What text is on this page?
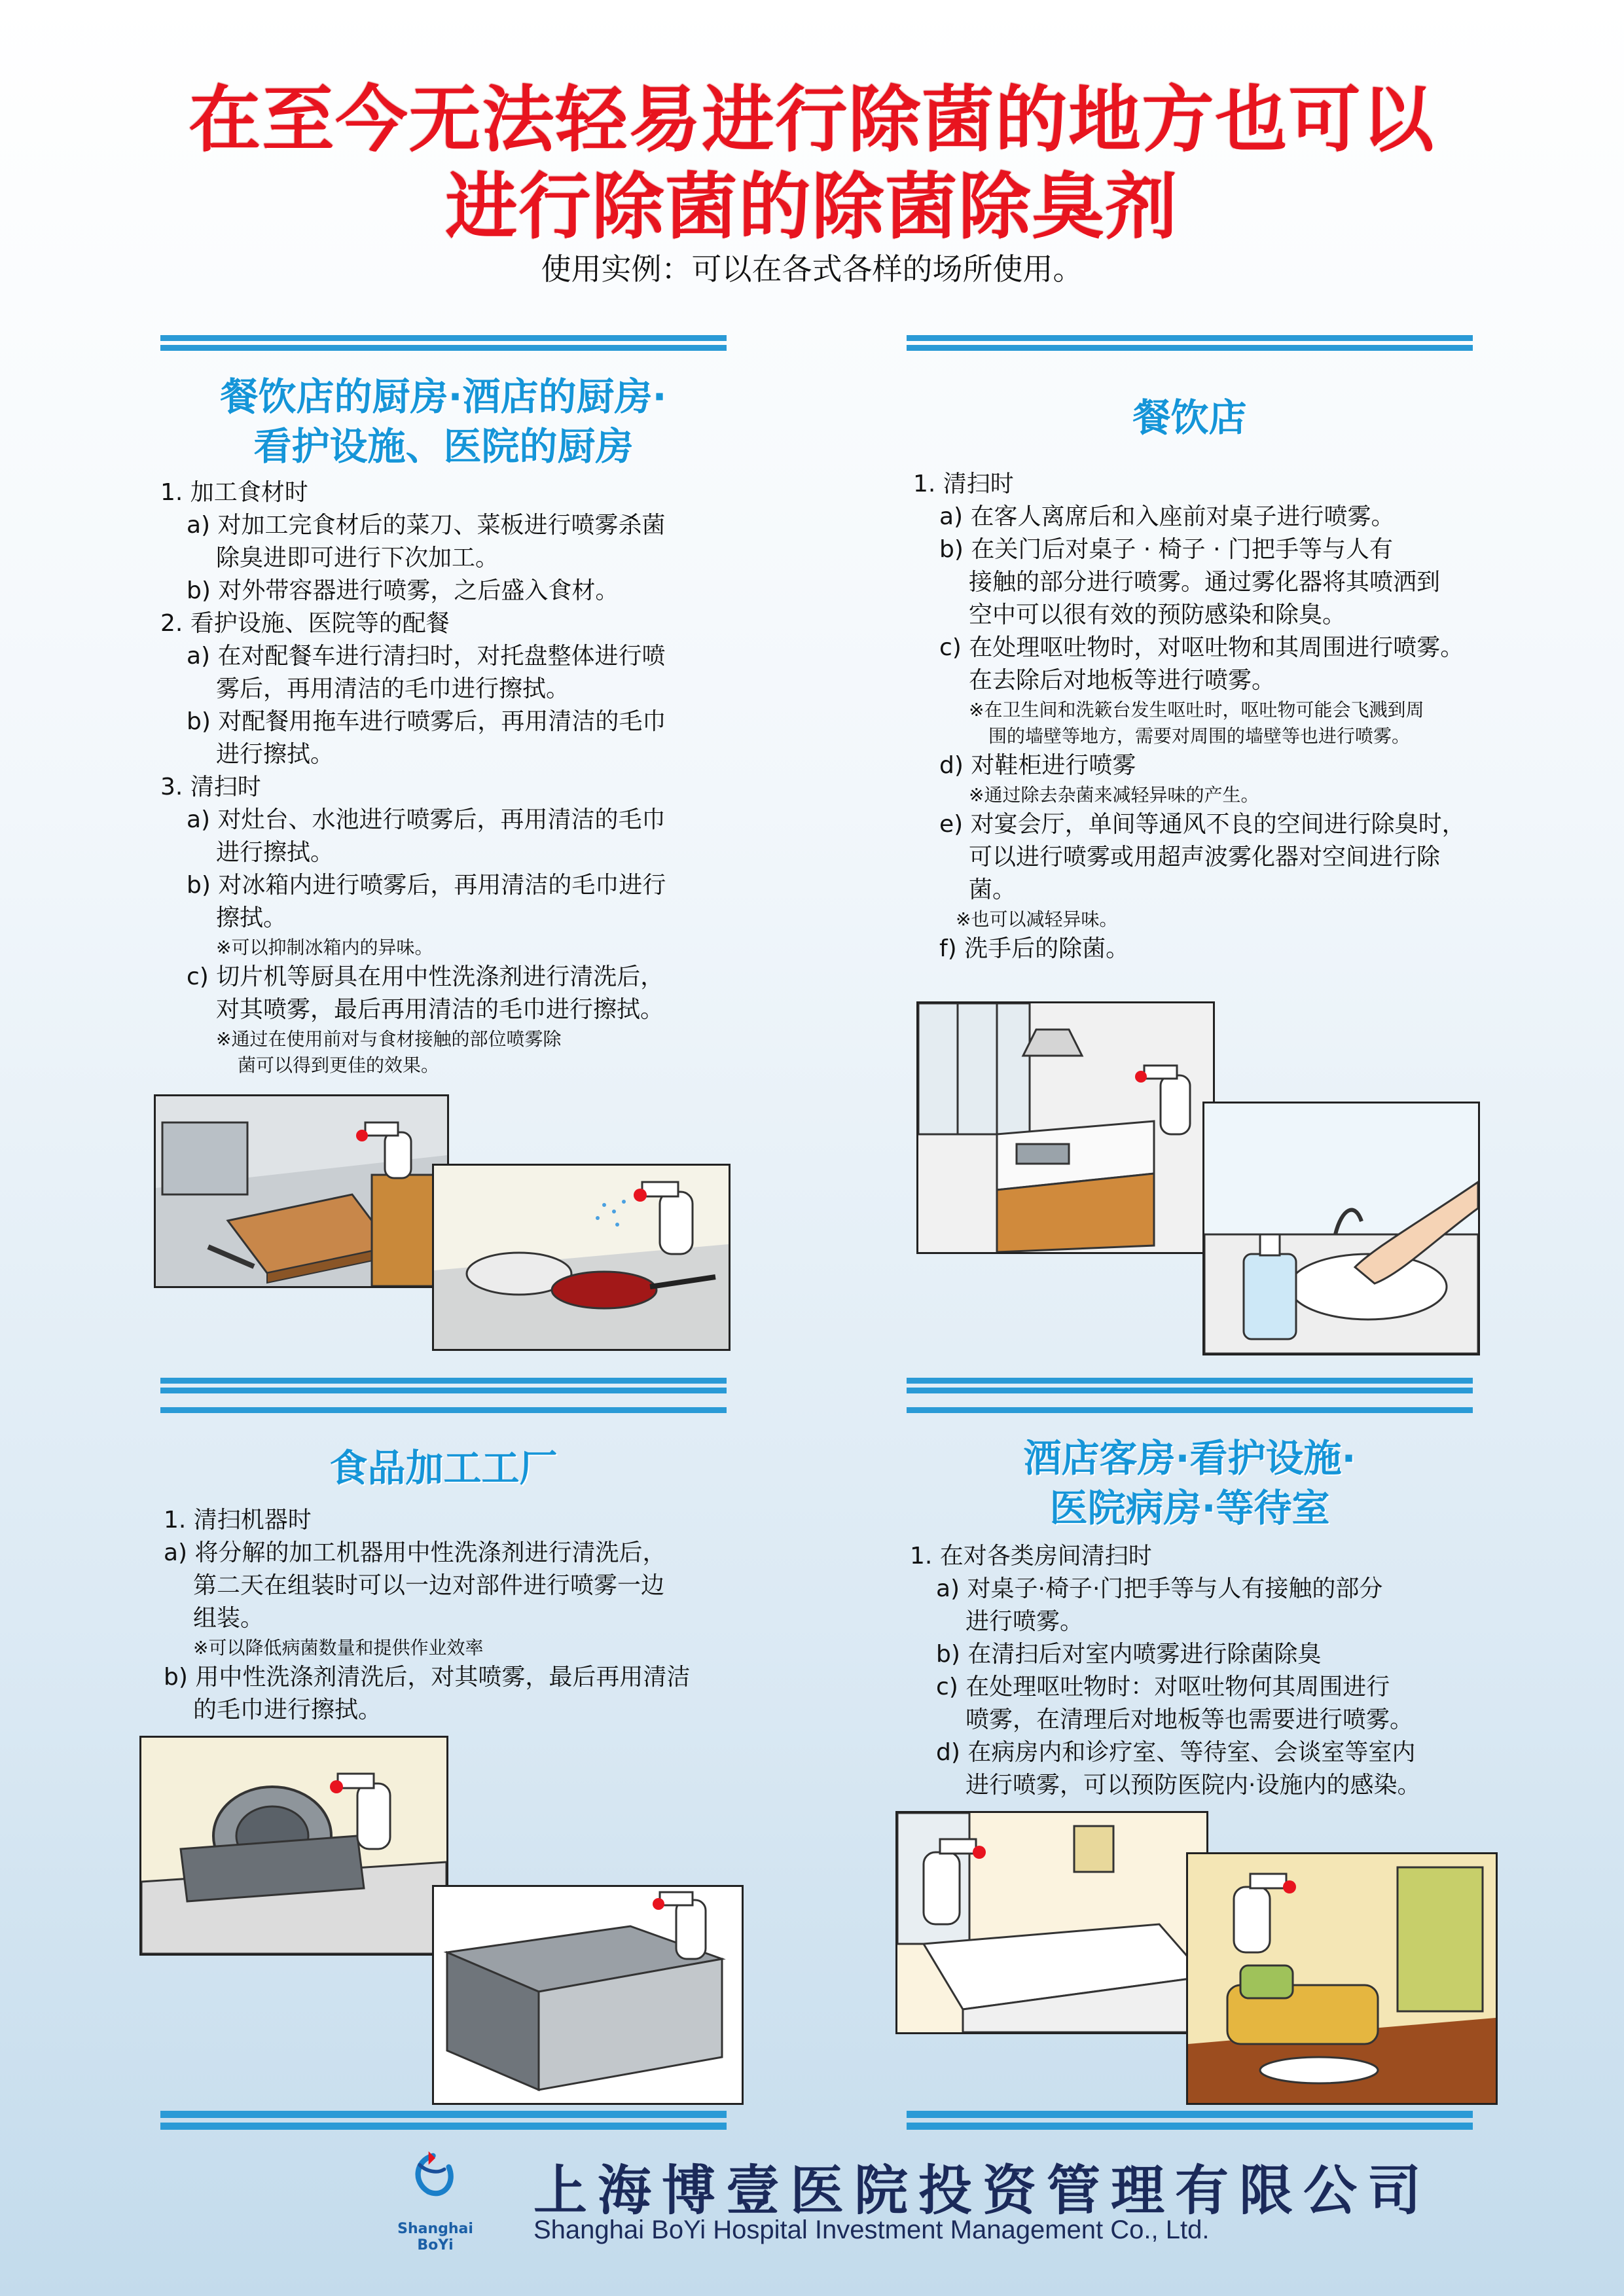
在至今无法轻易进行除菌的地方也可以
进行除菌的除菌除臭剂
使用实例：可以在各式各样的场所使用。
餐饮店的厨房·酒店的厨房·
看护设施、医院的厨房
1. 加工食材时
a) 对加工完食材后的菜刀、菜板进行喷雾杀菌
除臭进即可进行下次加工。
b) 对外带容器进行喷雾，之后盛入食材。
2. 看护设施、医院等的配餐
a) 在对配餐车进行清扫时，对托盘整体进行喷
雾后，再用清洁的毛巾进行擦拭。
b) 对配餐用拖车进行喷雾后，再用清洁的毛巾
进行擦拭。
3. 清扫时
a) 对灶台、水池进行喷雾后，再用清洁的毛巾
进行擦拭。
b) 对冰箱内进行喷雾后，再用清洁的毛巾进行
擦拭。
※可以抑制冰箱内的异味。
c) 切片机等厨具在用中性洗涤剂进行清洗后，
对其喷雾，最后再用清洁的毛巾进行擦拭。
※通过在使用前对与食材接触的部位喷雾除
菌可以得到更佳的效果。
餐饮店
1. 清扫时
a) 在客人离席后和入座前对桌子进行喷雾。
b) 在关门后对桌子 · 椅子 · 门把手等与人有
接触的部分进行喷雾。通过雾化器将其喷洒到
空中可以很有效的预防感染和除臭。
c) 在处理呕吐物时，对呕吐物和其周围进行喷雾。
在去除后对地板等进行喷雾。
※在卫生间和洗簌台发生呕吐时，呕吐物可能会飞溅到周
围的墙壁等地方，需要对周围的墙壁等也进行喷雾。
d) 对鞋柜进行喷雾
※通过除去杂菌来减轻异味的产生。
e) 对宴会厅，单间等通风不良的空间进行除臭时，
可以进行喷雾或用超声波雾化器对空间进行除
菌。
※也可以减轻异味。
f) 洗手后的除菌。
食品加工工厂
1. 清扫机器时
a) 将分解的加工机器用中性洗涤剂进行清洗后，
第二天在组装时可以一边对部件进行喷雾一边
组装。
※可以降低病菌数量和提供作业效率
b) 用中性洗涤剂清洗后，对其喷雾，最后再用清洁
的毛巾进行擦拭。
酒店客房·看护设施·
医院病房·等待室
1. 在对各类房间清扫时
a) 对桌子·椅子·门把手等与人有接触的部分
进行喷雾。
b) 在清扫后对室内喷雾进行除菌除臭
c) 在处理呕吐物时：对呕吐物何其周围进行
喷雾，在清理后对地板等也需要进行喷雾。
d) 在病房内和诊疗室、等待室、会谈室等室内
进行喷雾，可以预防医院内·设施内的感染。
Shanghai BoYi
上海博壹医院投资管理有限公司
Shanghai BoYi Hospital Investment Management Co., Ltd.
